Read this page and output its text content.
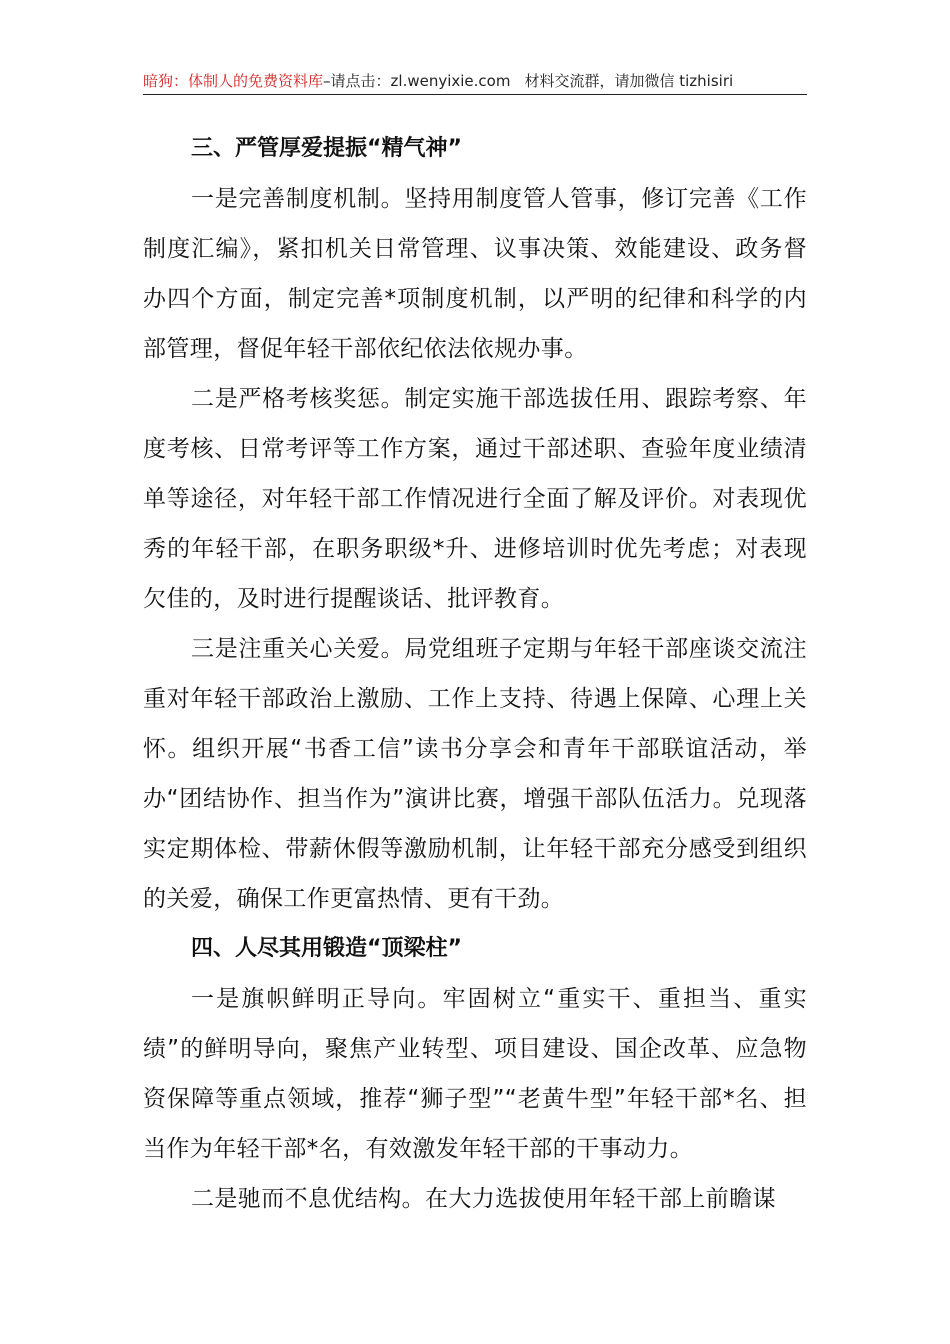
暗狗：体制人的免费资料库–请点击：zl.wenyixie.com 材料交流群，请加微信 tizhisiri
三、严管厚爱提振“精气神”

一是完善制度机制。坚持用制度管人管事，修订完善《工作制度汇编》，紧扣机关日常管理、议事决策、效能建设、政务督办四个方面，制定完善*项制度机制，以严明的纪律和科学的内部管理，督促年轻干部依纪依法依规办事。

二是严格考核奖惩。制定实施干部选拔任用、跟踪考察、年度考核、日常考评等工作方案，通过干部述职、查验年度业绩清单等途径，对年轻干部工作情况进行全面了解及评价。对表现优秀的年轻干部，在职务职级*升、进修培训时优先考虑；对表现欠佳的，及时进行提醒谈话、批评教育。

三是注重关心关爱。局党组班子定期与年轻干部座谈交流注重对年轻干部政治上激励、工作上支持、待遇上保障、心理上关怀。组织开展“书香工信”读书分享会和青年干部联谊活动，举办“团结协作、担当作为”演讲比赛，增强干部队伍活力。兑现落实定期体检、带薪休假等激励机制，让年轻干部充分感受到组织的关爱，确保工作更富热情、更有干劲。

四、人尽其用锻造“顶梁柱”

一是旗帜鲜明正导向。牢固树立“重实干、重担当、重实绩”的鲜明导向，聚焦产业转型、项目建设、国企改革、应急物资保障等重点领域，推荐“狮子型”“老黄牛型”年轻干部*名、担当作为年轻干部*名，有效激发年轻干部的干事动力。

二是驰而不息优结构。在大力选拔使用年轻干部上前瞻谋
